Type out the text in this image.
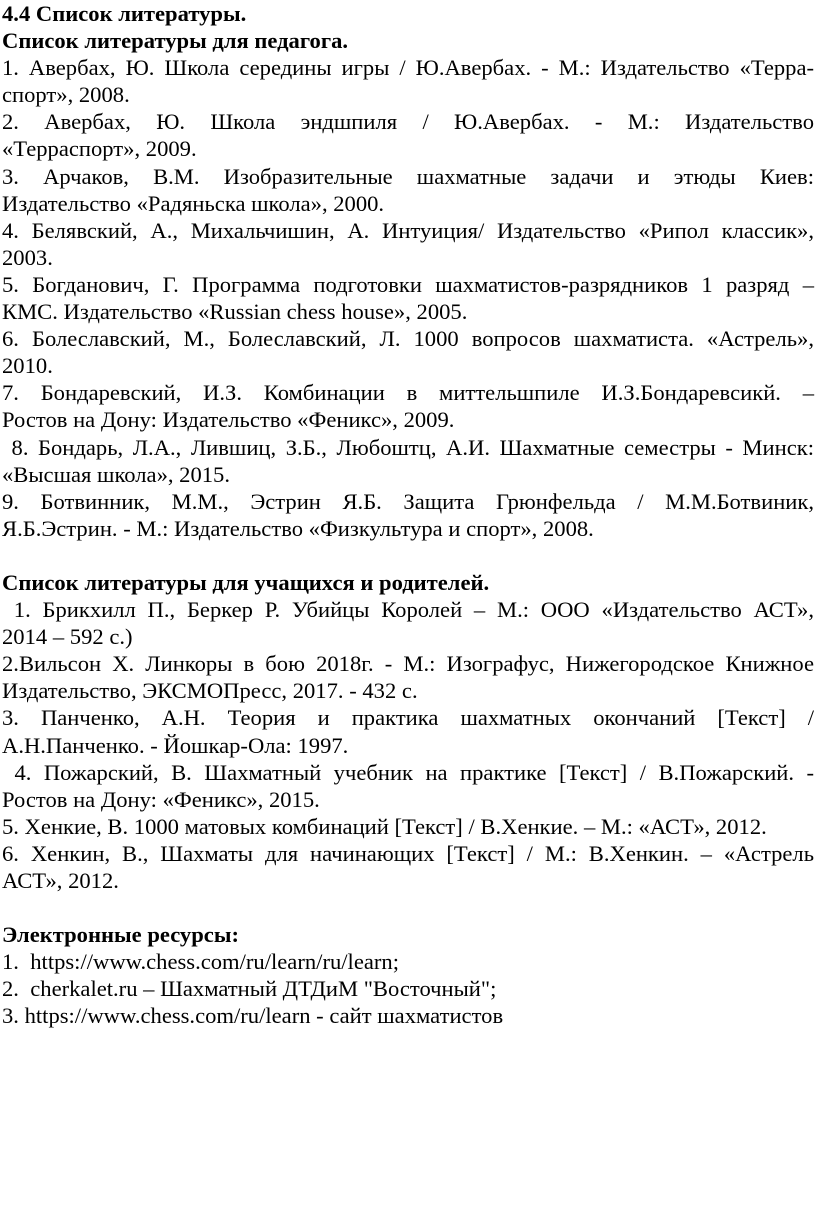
4.4 Список литературы.

Список литературы для педагога.

1. Авербах, Ю. Школа середины игры / Ю.Авербах. - М.: Издательство «Терра-

спорт», 2008.

2. Авербах, Ю. Школа эндшпиля / Ю.Авербах. - М.: Издательство

«Терраспорт», 2009.

3. Арчаков, В.М. Изобразительные шахматные задачи и этюды Киев:

Издательство «Радяньска школа», 2000.

4. Белявский, А., Михальчишин, А. Интуиция/ Издательство «Рипол классик»,

2003.

5. Богданович, Г. Программа подготовки шахматистов-разрядников 1 разряд –

КМС. Издательство «Russian chess house», 2005.

6. Болеславский, М., Болеславский, Л. 1000 вопросов шахматиста. «Астрель»,

2010.

7. Бондаревский, И.З. Комбинации в миттельшпиле И.З.Бондаревсикй. –

Ростов на Дону: Издательство «Феникс», 2009.

8. Бондарь, Л.А., Лившиц, З.Б., Любоштц, А.И. Шахматные семестры - Минск:

«Высшая школа», 2015.

9. Ботвинник, М.М., Эстрин Я.Б. Защита Грюнфельда / М.М.Ботвиник,

Я.Б.Эстрин. - М.: Издательство «Физкультура и спорт», 2008.

Список литературы для учащихся и родителей.

1. Брикхилл П., Беркер Р. Убийцы Королей – М.: ООО «Издательство АСТ»,

2014 – 592 с.)

2.Вильсон Х. Линкоры в бою 2018г. - М.: Изографус, Нижегородское Книжное

Издательство, ЭКСМОПресс, 2017. - 432 с.

3. Панченко, А.Н. Теория и практика шахматных окончаний [Текст] /

А.Н.Панченко. - Йошкар-Ола: 1997.

4. Пожарский, В. Шахматный учебник на практике [Текст] / В.Пожарский. -

Ростов на Дону: «Феникс», 2015.

5. Хенкие, В. 1000 матовых комбинаций [Текст] / В.Хенкие. – М.: «АСТ», 2012.

6. Хенкин, В., Шахматы для начинающих [Текст] / М.: В.Хенкин. – «Астрель

АСТ», 2012.

Электронные ресурсы:

1.  https://www.chess.com/ru/learn/ru/learn;

2.  cherkalet.ru – Шахматный ДТДиМ "Восточный";

3. https://www.chess.com/ru/learn - сайт шахматистов
